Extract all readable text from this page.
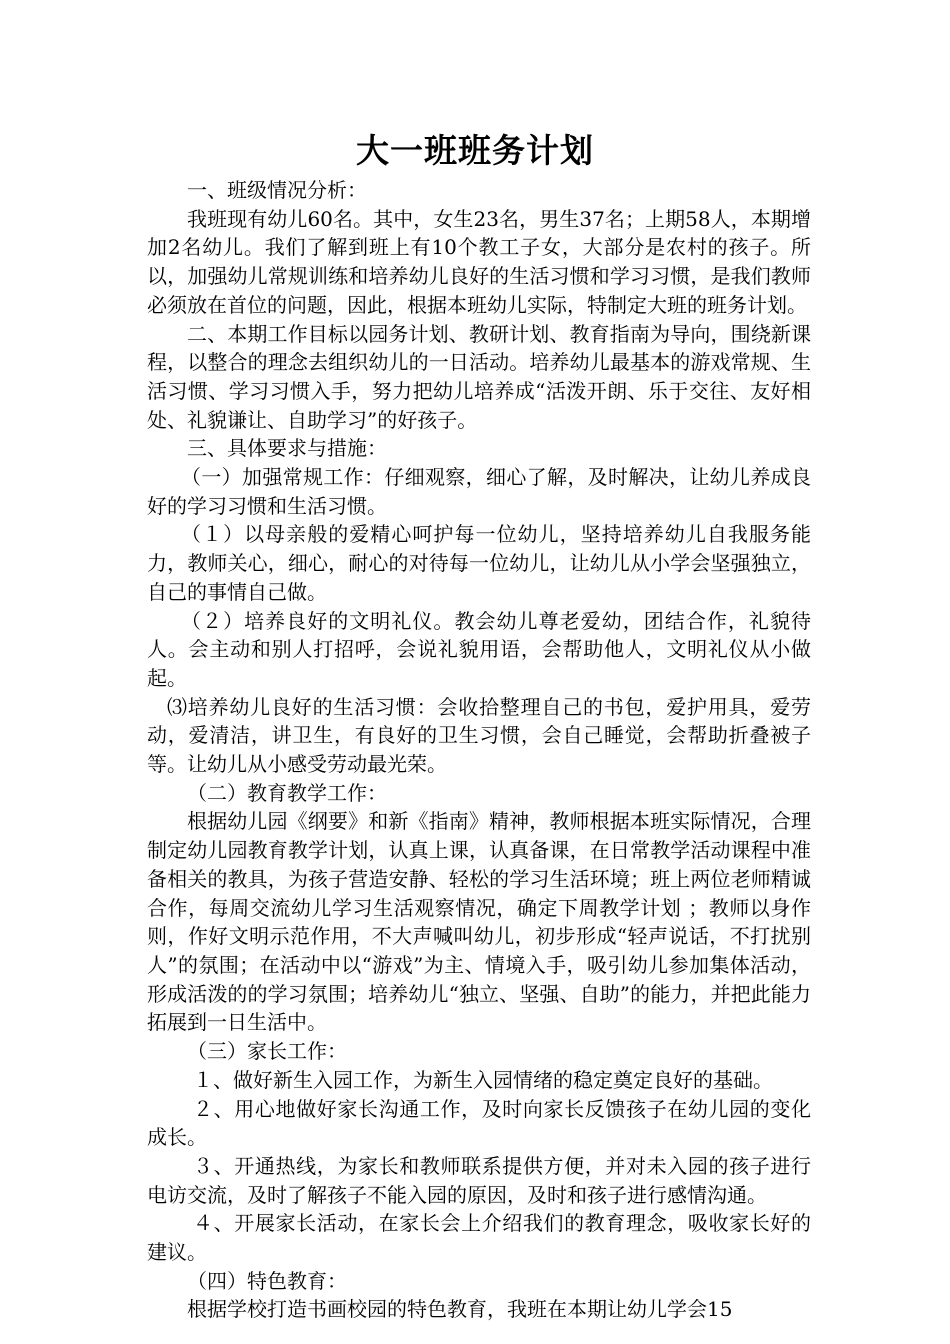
大一班班务计划

一、班级情况分析：

我班现有幼儿60名。其中，女生23名，男生37名；上期58人，本期增加2名幼儿。我们了解到班上有10个教工子女，大部分是农村的孩子。所以，加强幼儿常规训练和培养幼儿良好的生活习惯和学习习惯，是我们教师必须放在首位的问题，因此，根据本班幼儿实际，特制定大班的班务计划。

二、本期工作目标以园务计划、教研计划、教育指南为导向，围绕新课程，以整合的理念去组织幼儿的一日活动。培养幼儿最基本的游戏常规、生活习惯、学习习惯入手，努力把幼儿培养成“活泼开朗、乐于交往、友好相处、礼貌谦让、自助学习”的好孩子。

三、具体要求与措施：

（一）加强常规工作：仔细观察，细心了解，及时解决，让幼儿养成良好的学习习惯和生活习惯。

（１）以母亲般的爱精心呵护每一位幼儿，坚持培养幼儿自我服务能力，教师关心，细心，耐心的对待每一位幼儿，让幼儿从小学会坚强独立，自己的事情自己做。

（２）培养良好的文明礼仪。教会幼儿尊老爱幼，团结合作，礼貌待人。会主动和别人打招呼，会说礼貌用语，会帮助他人，文明礼仪从小做起。

⑶培养幼儿良好的生活习惯：会收拾整理自己的书包，爱护用具，爱劳动，爱清洁，讲卫生，有良好的卫生习惯，会自己睡觉，会帮助折叠被子等。让幼儿从小感受劳动最光荣。

（二）教育教学工作：

根据幼儿园《纲要》和新《指南》精神，教师根据本班实际情况，合理制定幼儿园教育教学计划，认真上课，认真备课，在日常教学活动课程中准备相关的教具，为孩子营造安静、轻松的学习生活环境；班上两位老师精诚合作，每周交流幼儿学习生活观察情况，确定下周教学计划 ；教师以身作则，作好文明示范作用，不大声喊叫幼儿，初步形成“轻声说话，不打扰别人”的氛围；在活动中以“游戏”为主、情境入手，吸引幼儿参加集体活动，形成活泼的的学习氛围；培养幼儿“独立、坚强、自助”的能力，并把此能力拓展到一日生活中。

（三）家长工作：

１、做好新生入园工作，为新生入园情绪的稳定奠定良好的基础。

２、用心地做好家长沟通工作，及时向家长反馈孩子在幼儿园的变化成长。

３、开通热线，为家长和教师联系提供方便，并对未入园的孩子进行电访交流，及时了解孩子不能入园的原因，及时和孩子进行感情沟通。

４、开展家长活动，在家长会上介绍我们的教育理念，吸收家长好的建议。

（四）特色教育：

根据学校打造书画校园的特色教育，我班在本期让幼儿学会15
